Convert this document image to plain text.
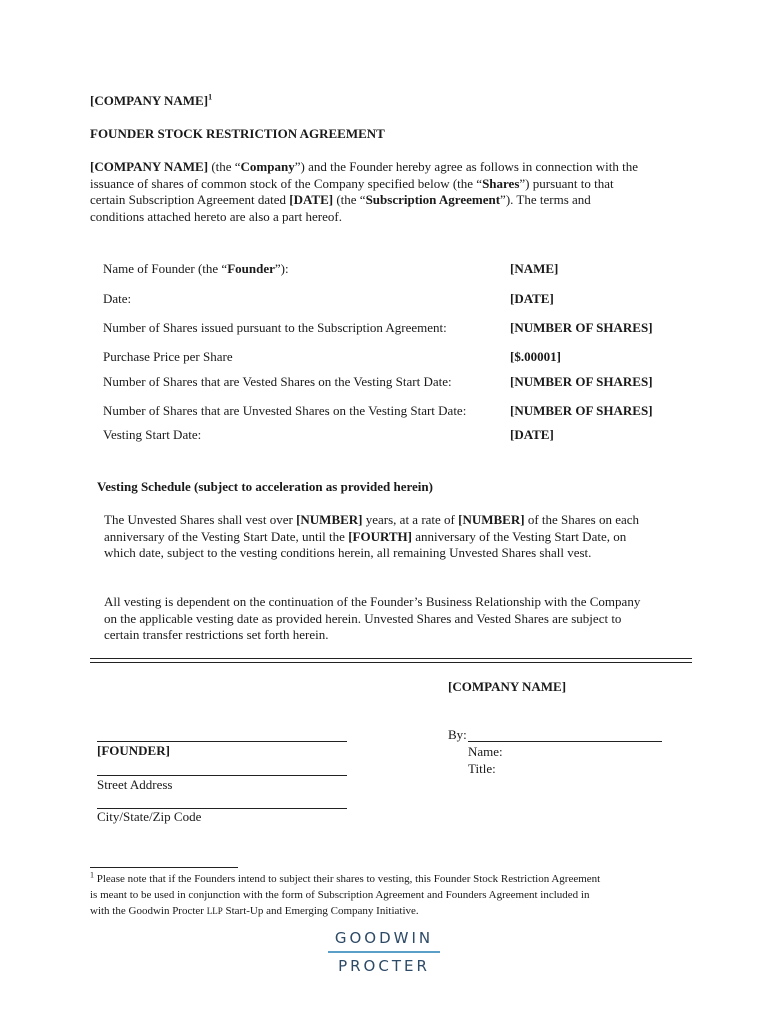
[COMPANY NAME]$^1$
FOUNDER STOCK RESTRICTION AGREEMENT
[COMPANY NAME] (the “Company”) and the Founder hereby agree as follows in connection with the
issuance of shares of common stock of the Company specified below (the “Shares”) pursuant to that
certain Subscription Agreement dated [DATE] (the “Subscription Agreement”). The terms and
conditions attached hereto are also a part hereof.
Name of Founder (the “Founder”):	[NAME]
Date:	[DATE]
Number of Shares issued pursuant to the Subscription Agreement:	[NUMBER OF SHARES]
Purchase Price per Share	[$.00001]
Number of Shares that are Vested Shares on the Vesting Start Date:	[NUMBER OF SHARES]
Number of Shares that are Unvested Shares on the Vesting Start Date:	[NUMBER OF SHARES]
Vesting Start Date:	[DATE]
Vesting Schedule (subject to acceleration as provided herein)
The Unvested Shares shall vest over [NUMBER] years, at a rate of [NUMBER] of the Shares on each
anniversary of the Vesting Start Date, until the [FOURTH] anniversary of the Vesting Start Date, on
which date, subject to the vesting conditions herein, all remaining Unvested Shares shall vest.
All vesting is dependent on the continuation of the Founder’s Business Relationship with the Company
on the applicable vesting date as provided herein. Unvested Shares and Vested Shares are subject to
certain transfer restrictions set forth herein.
[COMPANY NAME]
By:
Name:
Title:
[FOUNDER]
Street Address
City/State/Zip Code
$^1$ Please note that if the Founders intend to subject their shares to vesting, this Founder Stock Restriction Agreement
is meant to be used in conjunction with the form of Subscription Agreement and Founders Agreement included in
with the Goodwin Procter LLP Start-Up and Emerging Company Initiative.
GOODWIN
PROCTER
